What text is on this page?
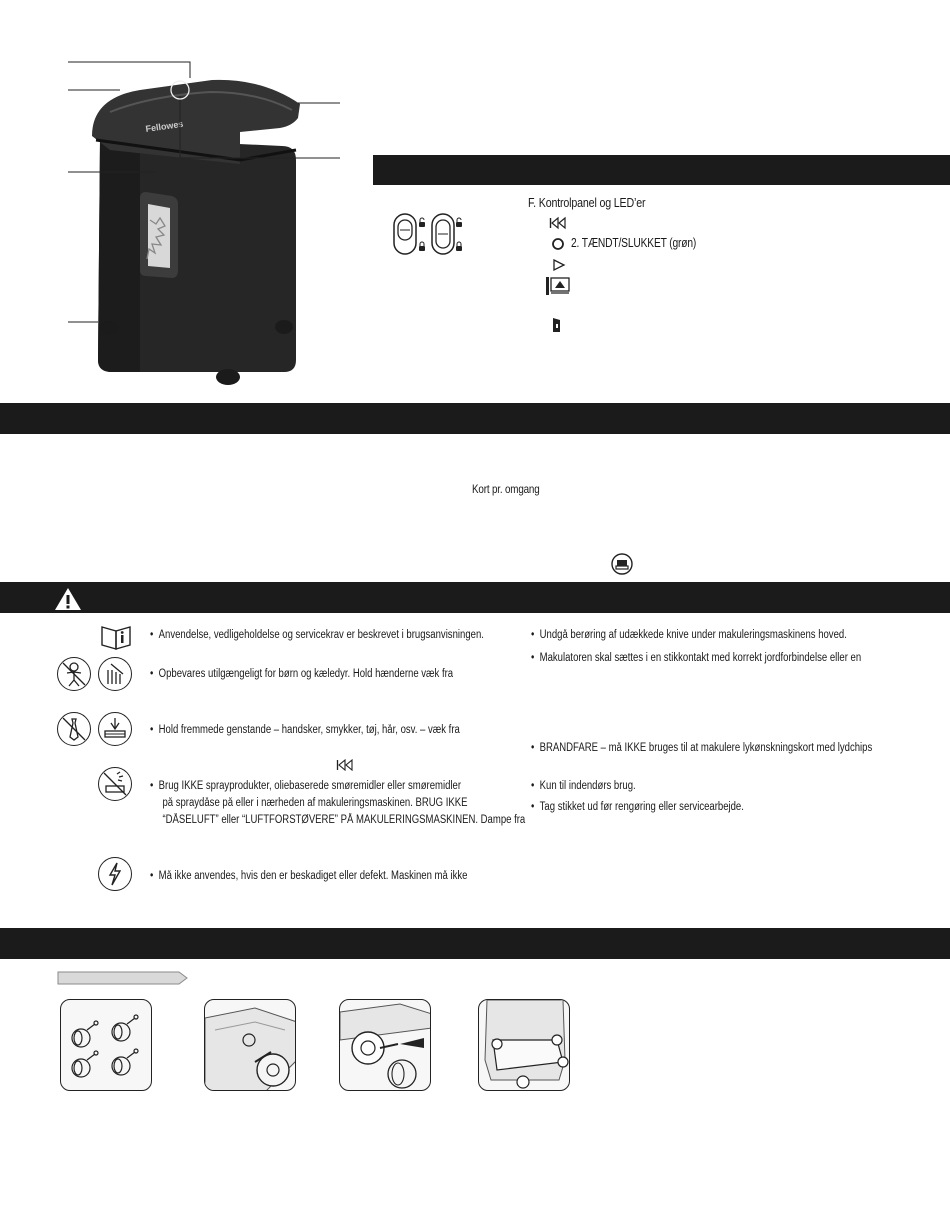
Fellowes
F. Kontrolpanel og LED’er
2. TÆNDT/SLUKKET (grøn)
Kort pr. omgang
•  Anvendelse, vedligeholdelse og servicekrav er beskrevet i brugsanvisningen.
•  Opbevares utilgængeligt for børn og kæledyr. Hold hænderne væk fra
•  Hold fremmede genstande – handsker, smykker, tøj, hår, osv. – væk fra
•  Brug IKKE sprayprodukter, oliebaserede smøremidler eller smøremidler
på spraydåse på eller i nærheden af makuleringsmaskinen. BRUG IKKE
“DÅSELUFT” eller “LUFTFORSTØVERE” PÅ MAKULERINGSMASKINEN. Dampe fra
•  Må ikke anvendes, hvis den er beskadiget eller defekt. Maskinen må ikke
•  Undgå berøring af udækkede knive under makuleringsmaskinens hoved.
•  Makulatoren skal sættes i en stikkontakt med korrekt jordforbindelse eller en
•  BRANDFARE – må IKKE bruges til at makulere lykønskningskort med lydchips
•  Kun til indendørs brug.
•  Tag stikket ud før rengøring eller servicearbejde.
